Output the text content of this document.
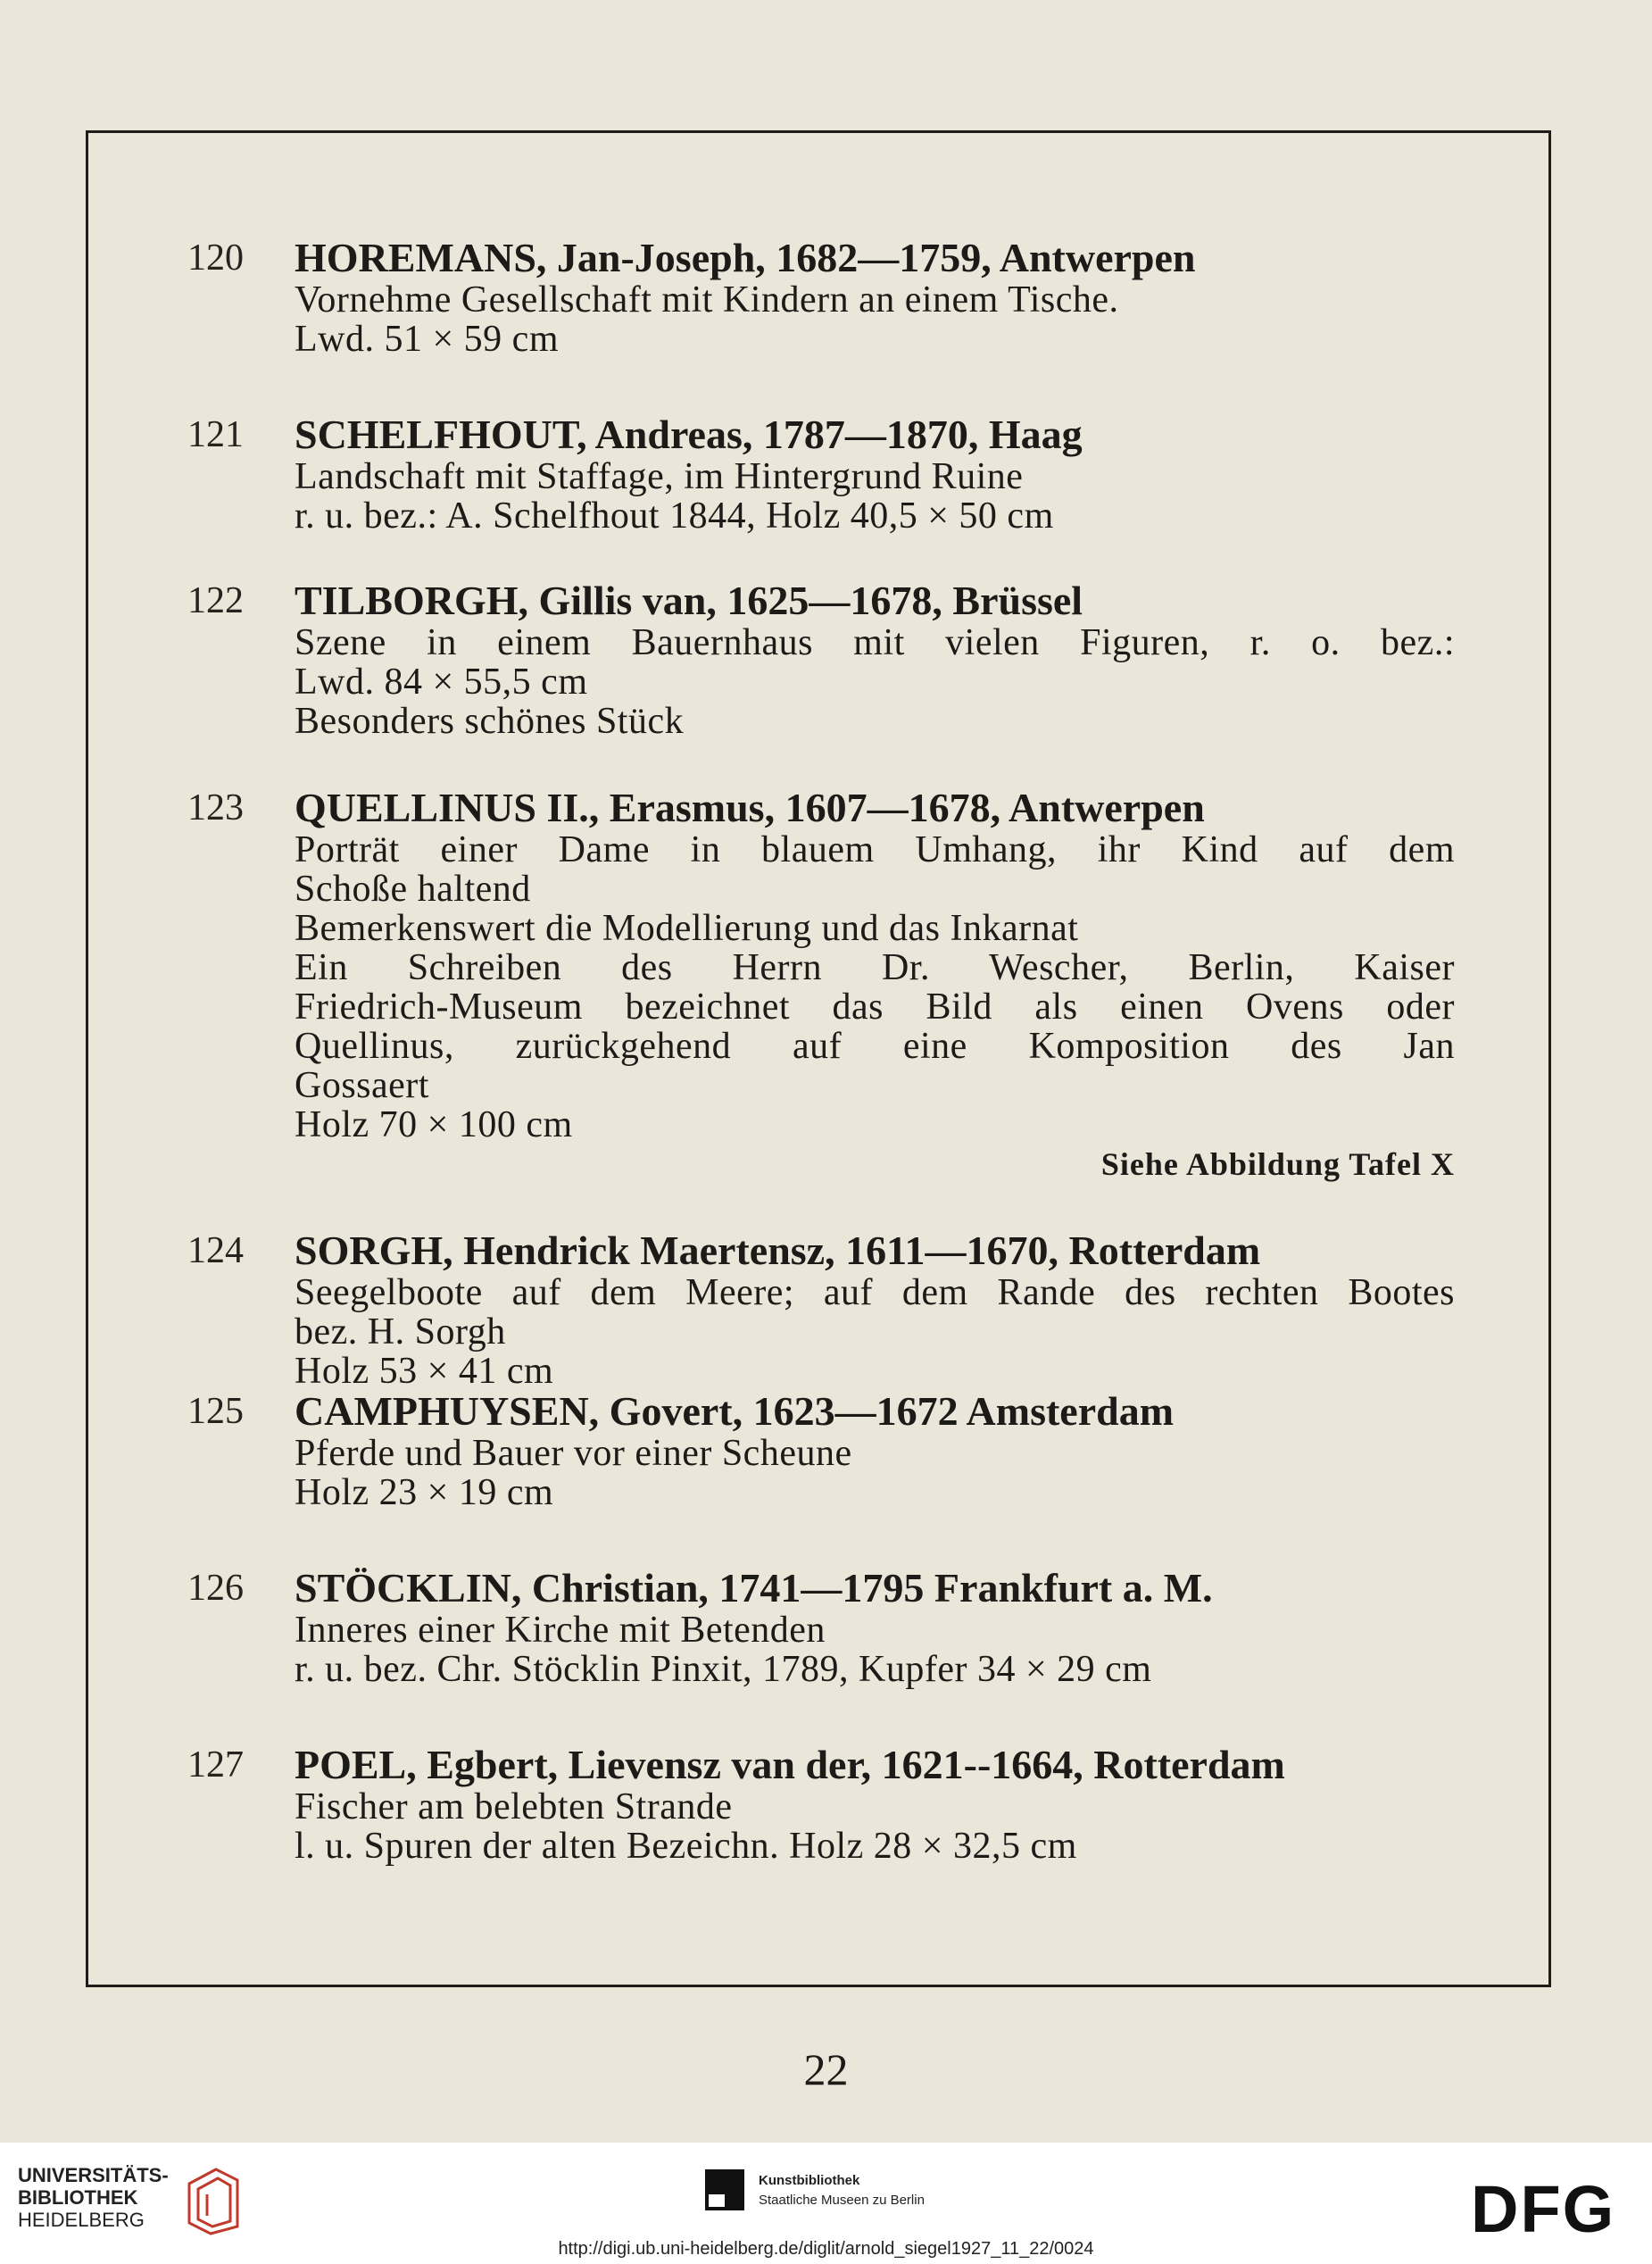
120 HOREMANS, Jan-Joseph, 1682—1759, Antwerpen
Vornehme Gesellschaft mit Kindern an einem Tische.
Lwd. 51 × 59 cm
121 SCHELFHOUT, Andreas, 1787—1870, Haag
Landschaft mit Staffage, im Hintergrund Ruine
r. u. bez.: A. Schelfhout 1844, Holz 40,5 × 50 cm
122 TILBORGH, Gillis van, 1625—1678, Brüssel
Szene in einem Bauernhaus mit vielen Figuren, r. o. bez.:
Lwd. 84 × 55,5 cm
Besonders schönes Stück
123 QUELLINUS II., Erasmus, 1607—1678, Antwerpen
Porträt einer Dame in blauem Umhang, ihr Kind auf dem
Schoße haltend
Bemerkenswert die Modellierung und das Inkarnat
Ein Schreiben des Herrn Dr. Wescher, Berlin, Kaiser
Friedrich-Museum bezeichnet das Bild als einen Ovens oder
Quellinus, zurückgehend auf eine Komposition des Jan
Gossaert
Holz 70 × 100 cm
Siehe Abbildung Tafel X
124 SORGH, Hendrick Maertensz, 1611—1670, Rotterdam
Seegelboote auf dem Meere; auf dem Rande des rechten Bootes
bez. H. Sorgh
Holz 53 × 41 cm
125 CAMPHUYSEN, Govert, 1623—1672 Amsterdam
Pferde und Bauer vor einer Scheune
Holz 23 × 19 cm
126 STÖCKLIN, Christian, 1741—1795 Frankfurt a. M.
Inneres einer Kirche mit Betenden
r. u. bez. Chr. Stöcklin Pinxit, 1789, Kupfer 34 × 29 cm
127 POEL, Egbert, Lievensz van der, 1621--1664, Rotterdam
Fischer am belebten Strande
l. u. Spuren der alten Bezeichn. Holz 28 × 32,5 cm
22
UNIVERSITÄTS-
BIBLIOTHEK
HEIDELBERG
Kunstbibliothek
Staatliche Museen zu Berlin	DFG
http://digi.ub.uni-heidelberg.de/diglit/arnold_siegel1927_11_22/0024
